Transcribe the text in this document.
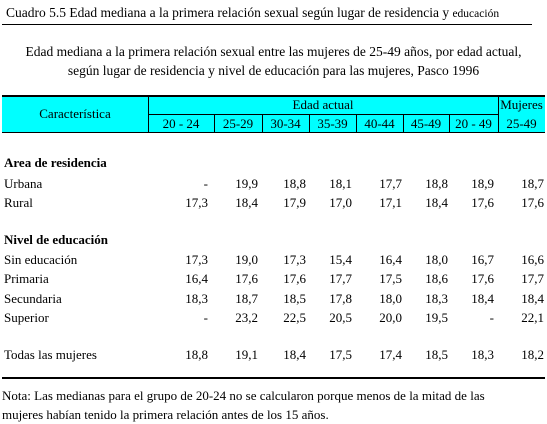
Cuadro 5.5 Edad mediana a la primera relación sexual según lugar de residencia y educación
Edad mediana a la primera relación sexual entre las mujeres de 25-49 años, por edad actual,
según lugar de residencia y nivel de educación para las mujeres, Pasco 1996
Característica
Edad actual	Mujeres
20 - 24	25-29	30-34	35-39	40-44	45-49	20 - 49	25-49
Area de residencia
Urbana	-	19,9	18,8	18,1	17,7	18,8	18,9	18,7
Rural	17,3	18,4	17,9	17,0	17,1	18,4	17,6	17,6
Nivel de educación
Sin educación	17,3	19,0	17,3	15,4	16,4	18,0	16,7	16,6
Primaria	16,4	17,6	17,6	17,7	17,5	18,6	17,6	17,7
Secundaria	18,3	18,7	18,5	17,8	18,0	18,3	18,4	18,4
Superior	-	23,2	22,5	20,5	20,0	19,5	-	22,1
Todas las mujeres	18,8	19,1	18,4	17,5	17,4	18,5	18,3	18,2
Nota: Las medianas para el grupo de 20-24 no se calcularon porque menos de la mitad de las
mujeres habían tenido la primera relación antes de los 15 años.
